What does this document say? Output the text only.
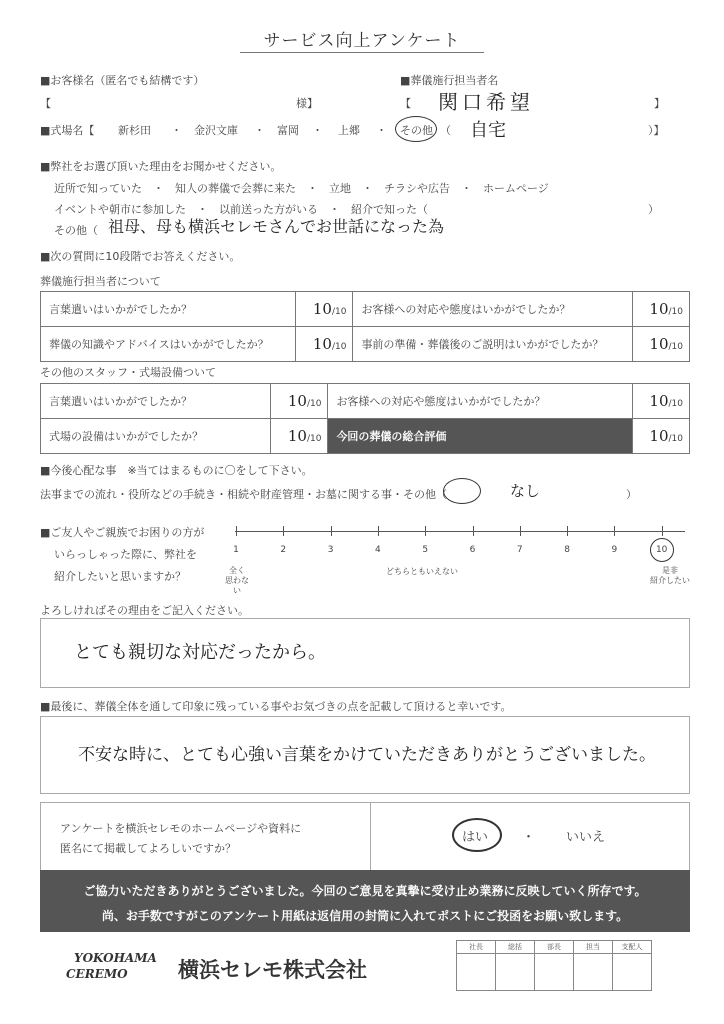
サービス向上アンケート
■お客様名（匿名でも結構です）
【	様】
■葬儀施行担当者名
【 関口希望	】
■式場名【 新杉田 ・ 金沢文庫 ・ 富岡 ・ 上郷 ・ その他 （ 自宅	）】
■弊社をお選び頂いた理由をお聞かせください。
近所で知っていた　・　知人の葬儀で会葬に来た　・　立地　・　チラシや広告　・　ホームページ
イベントや朝市に参加した　・　以前送った方がいる　・　紹介で知った（	）
その他（ 祖母、母も横浜セレモさんでお世話になった為
■次の質問に10段階でお答えください。
葬儀施行担当者について
言葉遣いはいかがでしたか？	10/10	お客様への対応や態度はいかがでしたか？	10/10
葬儀の知識やアドバイスはいかがでしたか？	10/10	事前の準備・葬儀後のご説明はいかがでしたか？	10/10
その他のスタッフ・式場設備ついて
言葉遣いはいかがでしたか？	10/10	お客様への対応や態度はいかがでしたか？	10/10
式場の設備はいかがでしたか？	10/10	今回の葬儀の総合評価	10/10
■今後心配な事　※当てはまるものに〇をして下さい。
法事までの流れ・役所などの手続き・相続や財産管理・お墓に関する事・その他（	なし	）
■ご友人やご親族でお困りの方が
いらっしゃった際に、弊社を
紹介したいと思いますか？
1	2	3	4	5	6	7	8	9	10
全く
思わない
どちらともいえない	是非
紹介したい
よろしければその理由をご記入ください。
とても親切な対応だったから。
■最後に、葬儀全体を通して印象に残っている事やお気づきの点を記載して頂けると幸いです。
不安な時に、とても心強い言葉をかけていただきありがとうございました。
アンケートを横浜セレモのホームページや資料に
匿名にて掲載してよろしいですか？
はい	・ いいえ
ご協力いただきありがとうございました。今回のご意見を真摯に受け止め業務に反映していく所存です。
尚、お手数ですがこのアンケート用紙は返信用の封筒に入れてポストにご投函をお願い致します。
YOKOHAMA
CEREMO	横浜セレモ株式会社
社長	総括	部長	担当	支配人
